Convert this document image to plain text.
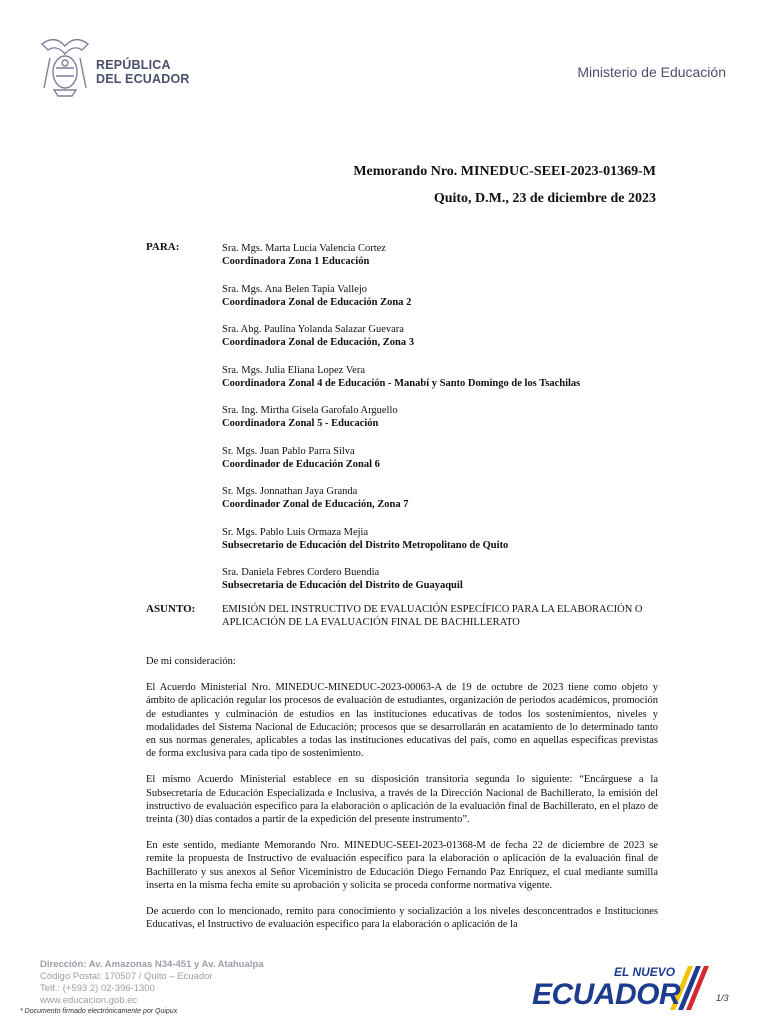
REPÚBLICA
DEL ECUADOR	Ministerio de Educación
Memorando Nro. MINEDUC-SEEI-2023-01369-M
Quito, D.M., 23 de diciembre de 2023
PARA:	Sra. Mgs. Marta Lucia Valencia Cortez
Coordinadora Zona 1 Educación
Sra. Mgs. Ana Belen Tapia Vallejo
Coordinadora Zonal de Educación Zona 2
Sra. Abg. Paulina Yolanda Salazar Guevara
Coordinadora Zonal de Educación, Zona 3
Sra. Mgs. Julia Eliana Lopez Vera
Coordinadora Zonal 4 de Educación - Manabí y Santo Domingo de los Tsachilas
Sra. Ing. Mirtha Gisela Garofalo Arguello
Coordinadora Zonal 5 - Educación
Sr. Mgs. Juan Pablo Parra Silva
Coordinador de Educación Zonal 6
Sr. Mgs. Jonnathan Jaya Granda
Coordinador Zonal de Educación, Zona 7
Sr. Mgs. Pablo Luis Ormaza Mejia
Subsecretario de Educación del Distrito Metropolitano de Quito
Sra. Daniela Febres Cordero Buendia
Subsecretaria de Educación del Distrito de Guayaquil
ASUNTO:	EMISIÓN DEL INSTRUCTIVO DE EVALUACIÓN ESPECÍFICO PARA LA ELABORACIÓN O APLICACIÓN DE LA EVALUACIÓN FINAL DE BACHILLERATO

De mi consideración:

El Acuerdo Ministerial Nro. MINEDUC-MINEDUC-2023-00063-A de 19 de octubre de 2023 tiene como objeto y ámbito de aplicación regular los procesos de evaluación de estudiantes, organización de periodos académicos, promoción de estudiantes y culminación de estudios en las instituciones educativas de todos los sostenimientos, niveles y modalidades del Sistema Nacional de Educación; procesos que se desarrollarán en acatamiento de lo determinado tanto en sus normas generales, aplicables a todas las instituciones educativas del país, como en aquellas específicas previstas de forma exclusiva para cada tipo de sostenimiento.

El mismo Acuerdo Ministerial establece en su disposición transitoria segunda lo siguiente: “Encárguese a la Subsecretaría de Educación Especializada e Inclusiva, a través de la Dirección Nacional de Bachillerato, la emisión del instructivo de evaluación específico para la elaboración o aplicación de la evaluación final de Bachillerato, en el plazo de treinta (30) días contados a partir de la expedición del presente instrumento”.

En este sentido, mediante Memorando Nro. MINEDUC-SEEI-2023-01368-M de fecha 22 de diciembre de 2023 se remite la propuesta de Instructivo de evaluación específico para la elaboración o aplicación de la evaluación final de Bachillerato y sus anexos al Señor Viceministro de Educación Diego Fernando Paz Enríquez, el cual mediante sumilla inserta en la misma fecha emite su aprobación y solicita se proceda conforme normativa vigente.

De acuerdo con lo mencionado, remito para conocimiento y socialización a los niveles desconcentrados e Instituciones Educativas, el Instructivo de evaluación específico para la elaboración o aplicación de la

Dirección: Av. Amazonas N34-451 y Av. Atahualpa
Código Postal: 170507 / Quito – Ecuador
Telf.: (+593 2) 02-396-1300
www.educacion.gob.ec
* Documento firmado electrónicamente por Quipux
EL NUEVO
ECUADOR	1/3
